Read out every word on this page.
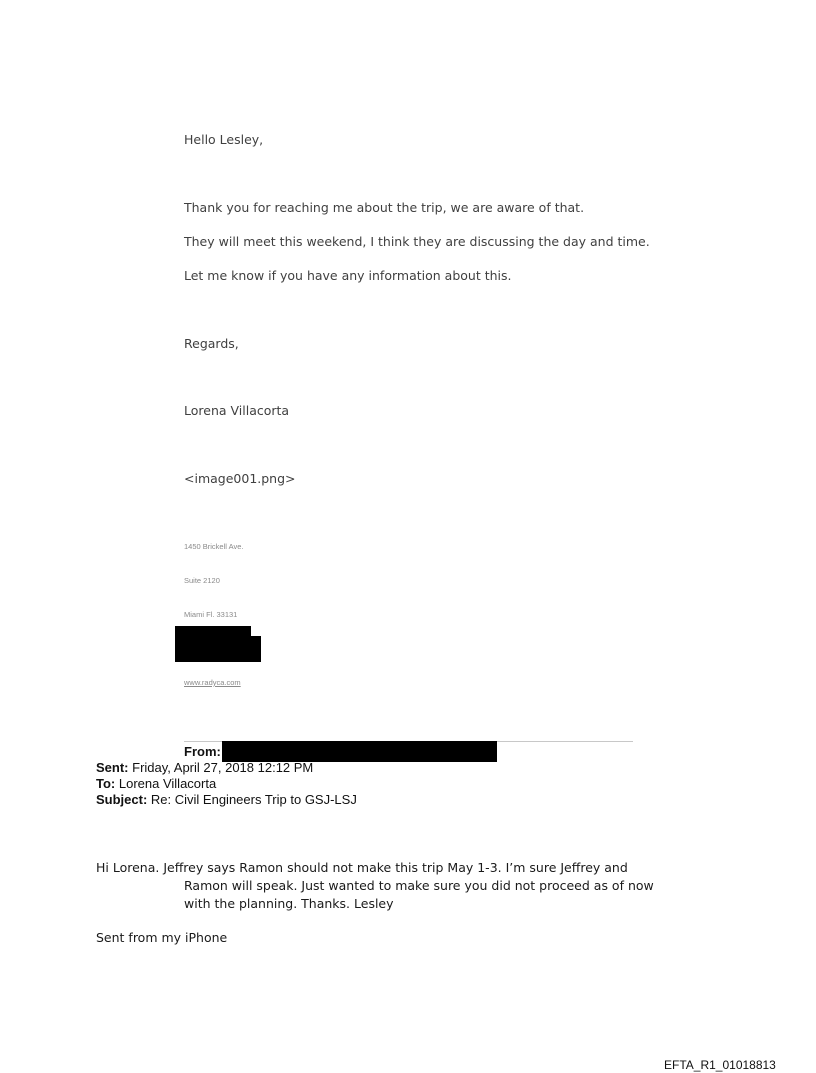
Hello Lesley,
Thank you for reaching me about the trip, we are aware of that.
They will meet this weekend, I think they are discussing the day and time.
Let me know if you have any information about this.
Regards,
Lorena Villacorta
<image001.png>
1450 Brickell Ave.
Suite 2120
Miami Fl. 33131
www.radyca.com
From:
Sent: Friday, April 27, 2018 12:12 PM
To: Lorena Villacorta
Subject: Re: Civil Engineers Trip to GSJ-LSJ
Hi Lorena. Jeffrey says Ramon should not make this trip May 1-3. I’m sure Jeffrey and
Ramon will speak. Just wanted to make sure you did not proceed as of now
with the planning. Thanks. Lesley
Sent from my iPhone
EFTA_R1_01018813
